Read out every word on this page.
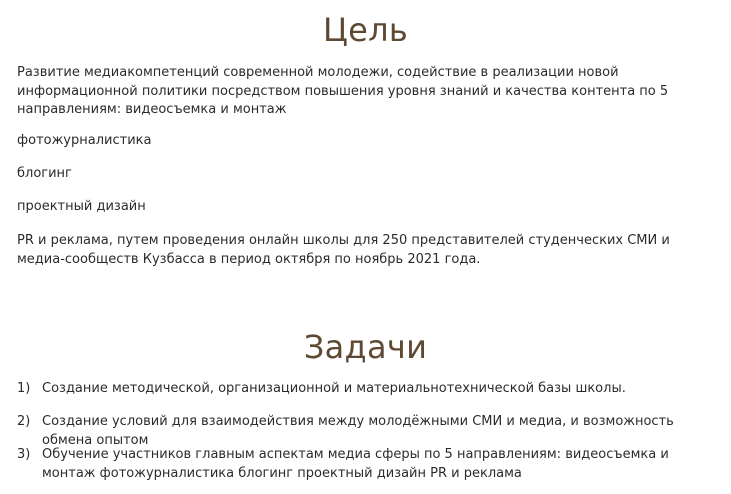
Цель

Развитие медиакомпетенций современной молодежи, содействие в реализации новой информационной политики посредством повышения уровня знаний и качества контента по 5 направлениям: видеосъемка и монтаж

фотожурналистика

блогинг

проектный дизайн

PR и реклама, путем проведения онлайн школы для 250 представителей студенческих СМИ и медиа-сообществ Кузбасса в период октября по ноябрь 2021 года.

Задачи
1) Создание методической, организационной и материальнотехнической базы школы.
2) Создание условий для взаимодействия между молодёжными СМИ и медиа, и возможность обмена опытом
3) Обучение участников главным аспектам медиа сферы по 5 направлениям: видеосъемка и монтаж фотожурналистика блогинг проектный дизайн PR и реклама
